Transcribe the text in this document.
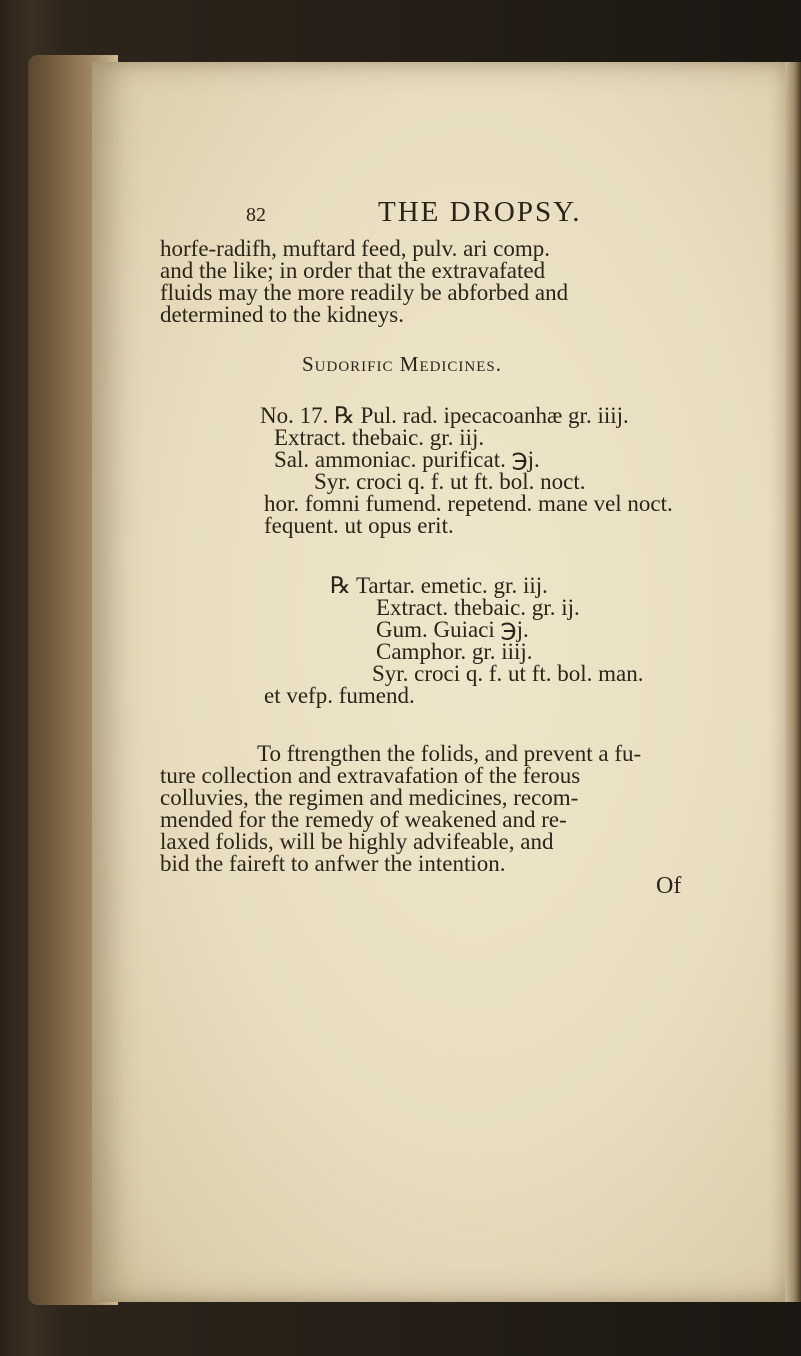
82	THE DROPSY.
horfe-radifh, muftard feed, pulv. ari comp.
and the like; in order that the extravafated
fluids may the more readily be abforbed and
determined to the kidneys.
Sudorific Medicines.
No. 17. ℞ Pul. rad. ipecacoanhæ gr. iiij.
Extract. thebaic. gr. iij.
Sal. ammoniac. purificat. ℈j.
Syr. croci q. f. ut ft. bol. noct.
hor. fomni fumend. repetend. mane vel noct.
fequent. ut opus erit.
℞ Tartar. emetic. gr. iij.
Extract. thebaic. gr. ij.
Gum. Guiaci ℈j.
Camphor. gr. iiij.
Syr. croci q. f. ut ft. bol. man.
et vefp. fumend.
To ftrengthen the folids, and prevent a fu-
ture collection and extravafation of the ferous
colluvies, the regimen and medicines, recom-
mended for the remedy of weakened and re-
laxed folids, will be highly advifeable, and
bid the faireft to anfwer the intention.
Of
